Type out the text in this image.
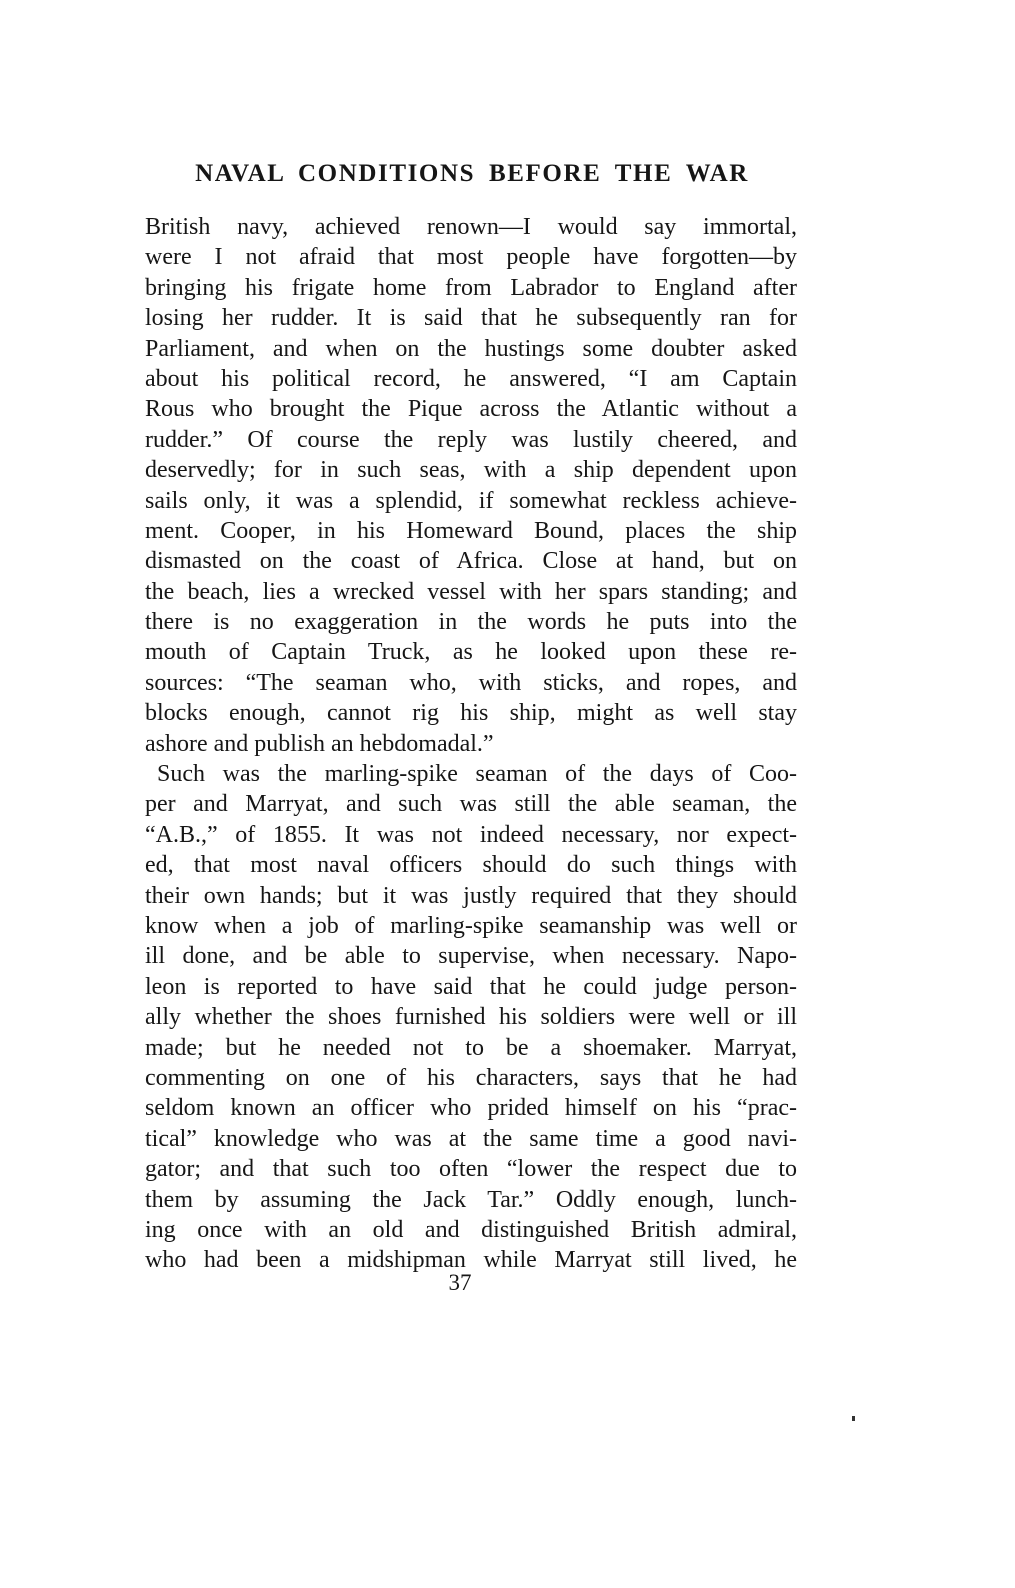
NAVAL CONDITIONS BEFORE THE WAR
British navy, achieved renown—I would say immortal,
were I not afraid that most people have forgotten—by
bringing his frigate home from Labrador to England after
losing her rudder. It is said that he subsequently ran for
Parliament, and when on the hustings some doubter asked
about his political record, he answered, “I am Captain
Rous who brought the Pique across the Atlantic without a
rudder.” Of course the reply was lustily cheered, and
deservedly; for in such seas, with a ship dependent upon
sails only, it was a splendid, if somewhat reckless achieve-
ment. Cooper, in his Homeward Bound, places the ship
dismasted on the coast of Africa. Close at hand, but on
the beach, lies a wrecked vessel with her spars standing; and
there is no exaggeration in the words he puts into the
mouth of Captain Truck, as he looked upon these re-
sources: “The seaman who, with sticks, and ropes, and
blocks enough, cannot rig his ship, might as well stay
ashore and publish an hebdomadal.”
Such was the marling-spike seaman of the days of Coo-
per and Marryat, and such was still the able seaman, the
“A.B.,” of 1855. It was not indeed necessary, nor expect-
ed, that most naval officers should do such things with
their own hands; but it was justly required that they should
know when a job of marling-spike seamanship was well or
ill done, and be able to supervise, when necessary. Napo-
leon is reported to have said that he could judge person-
ally whether the shoes furnished his soldiers were well or ill
made; but he needed not to be a shoemaker. Marryat,
commenting on one of his characters, says that he had
seldom known an officer who prided himself on his “prac-
tical” knowledge who was at the same time a good navi-
gator; and that such too often “lower the respect due to
them by assuming the Jack Tar.” Oddly enough, lunch-
ing once with an old and distinguished British admiral,
who had been a midshipman while Marryat still lived, he
37
